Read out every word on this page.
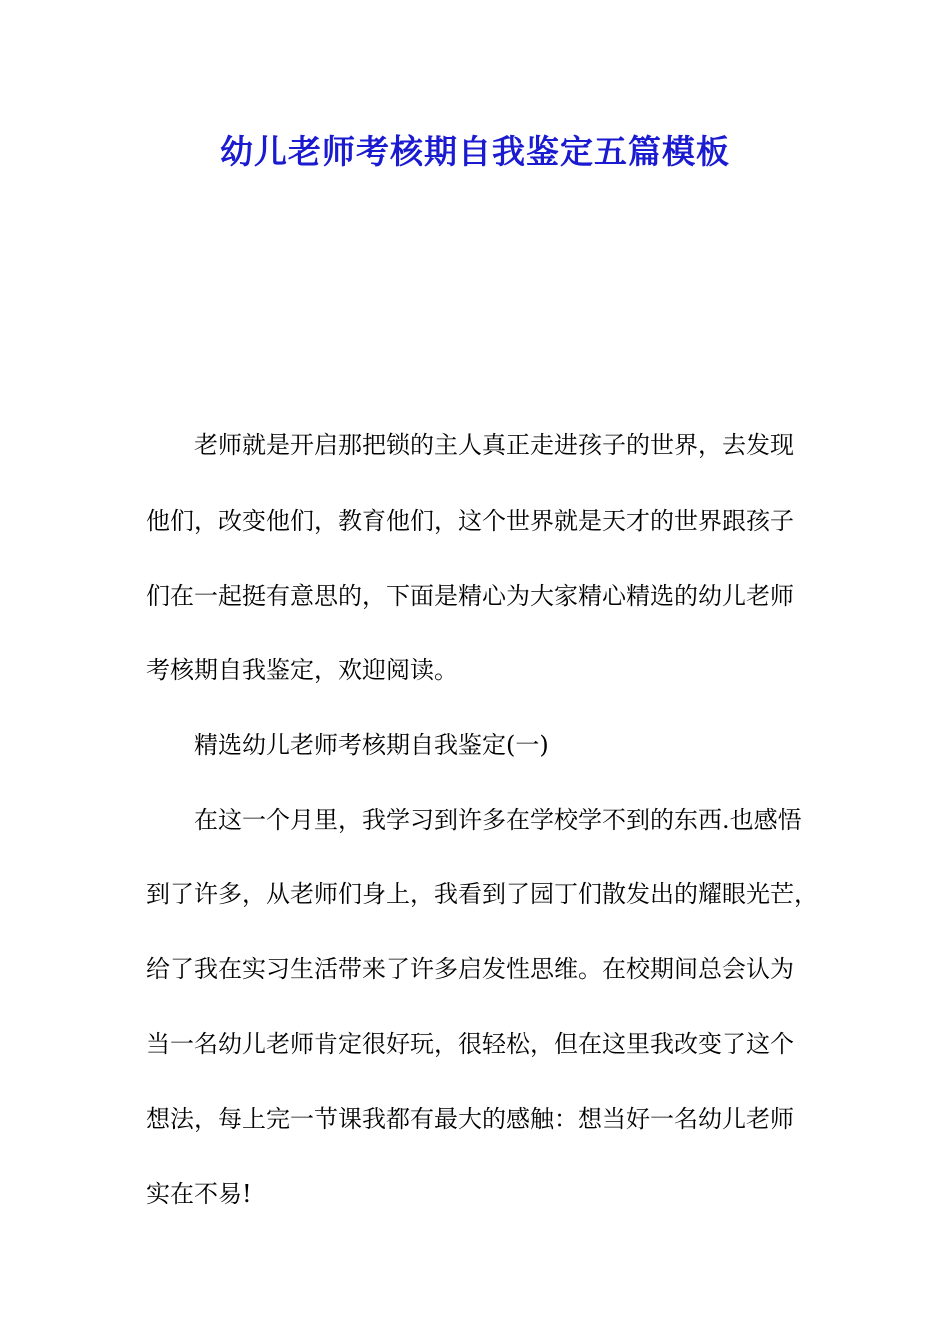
幼儿老师考核期自我鉴定五篇模板

老师就是开启那把锁的主人真正走进孩子的世界，去发现

他们，改变他们，教育他们，这个世界就是天才的世界跟孩子

们在一起挺有意思的，下面是精心为大家精心精选的幼儿老师

考核期自我鉴定，欢迎阅读。

精选幼儿老师考核期自我鉴定(一)

在这一个月里，我学习到许多在学校学不到的东西.也感悟

到了许多，从老师们身上，我看到了园丁们散发出的耀眼光芒，

给了我在实习生活带来了许多启发性思维。在校期间总会认为

当一名幼儿老师肯定很好玩，很轻松，但在这里我改变了这个

想法，每上完一节课我都有最大的感触：想当好一名幼儿老师

实在不易!
